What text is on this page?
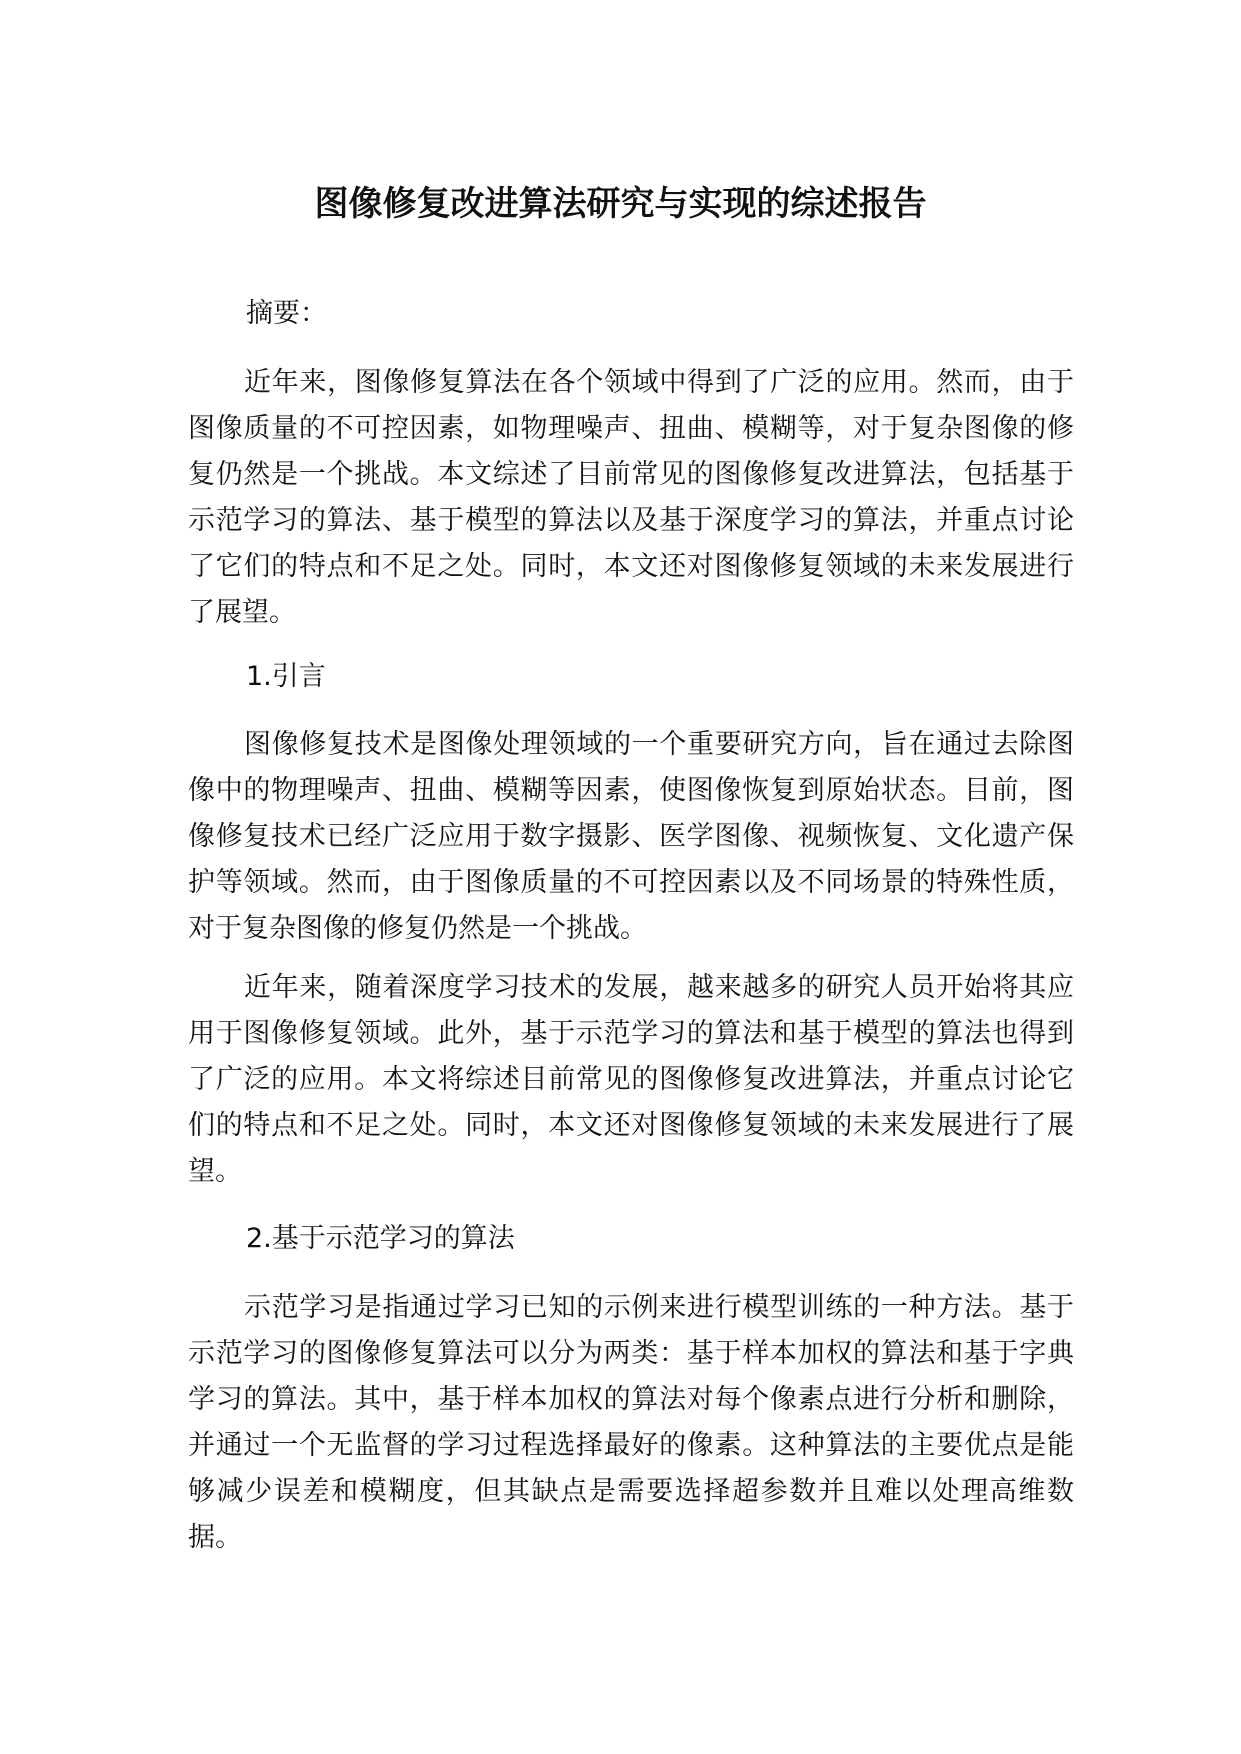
图像修复改进算法研究与实现的综述报告
摘要：
近年来，图像修复算法在各个领域中得到了广泛的应用。然而，由于图像质量的不可控因素，如物理噪声、扭曲、模糊等，对于复杂图像的修复仍然是一个挑战。本文综述了目前常见的图像修复改进算法，包括基于示范学习的算法、基于模型的算法以及基于深度学习的算法，并重点讨论了它们的特点和不足之处。同时，本文还对图像修复领域的未来发展进行了展望。
1.引言
图像修复技术是图像处理领域的一个重要研究方向，旨在通过去除图像中的物理噪声、扭曲、模糊等因素，使图像恢复到原始状态。目前，图像修复技术已经广泛应用于数字摄影、医学图像、视频恢复、文化遗产保护等领域。然而，由于图像质量的不可控因素以及不同场景的特殊性质，对于复杂图像的修复仍然是一个挑战。
近年来，随着深度学习技术的发展，越来越多的研究人员开始将其应用于图像修复领域。此外，基于示范学习的算法和基于模型的算法也得到了广泛的应用。本文将综述目前常见的图像修复改进算法，并重点讨论它们的特点和不足之处。同时，本文还对图像修复领域的未来发展进行了展望。
2.基于示范学习的算法
示范学习是指通过学习已知的示例来进行模型训练的一种方法。基于示范学习的图像修复算法可以分为两类：基于样本加权的算法和基于字典学习的算法。其中，基于样本加权的算法对每个像素点进行分析和删除，并通过一个无监督的学习过程选择最好的像素。这种算法的主要优点是能够减少误差和模糊度，但其缺点是需要选择超参数并且难以处理高维数据。
